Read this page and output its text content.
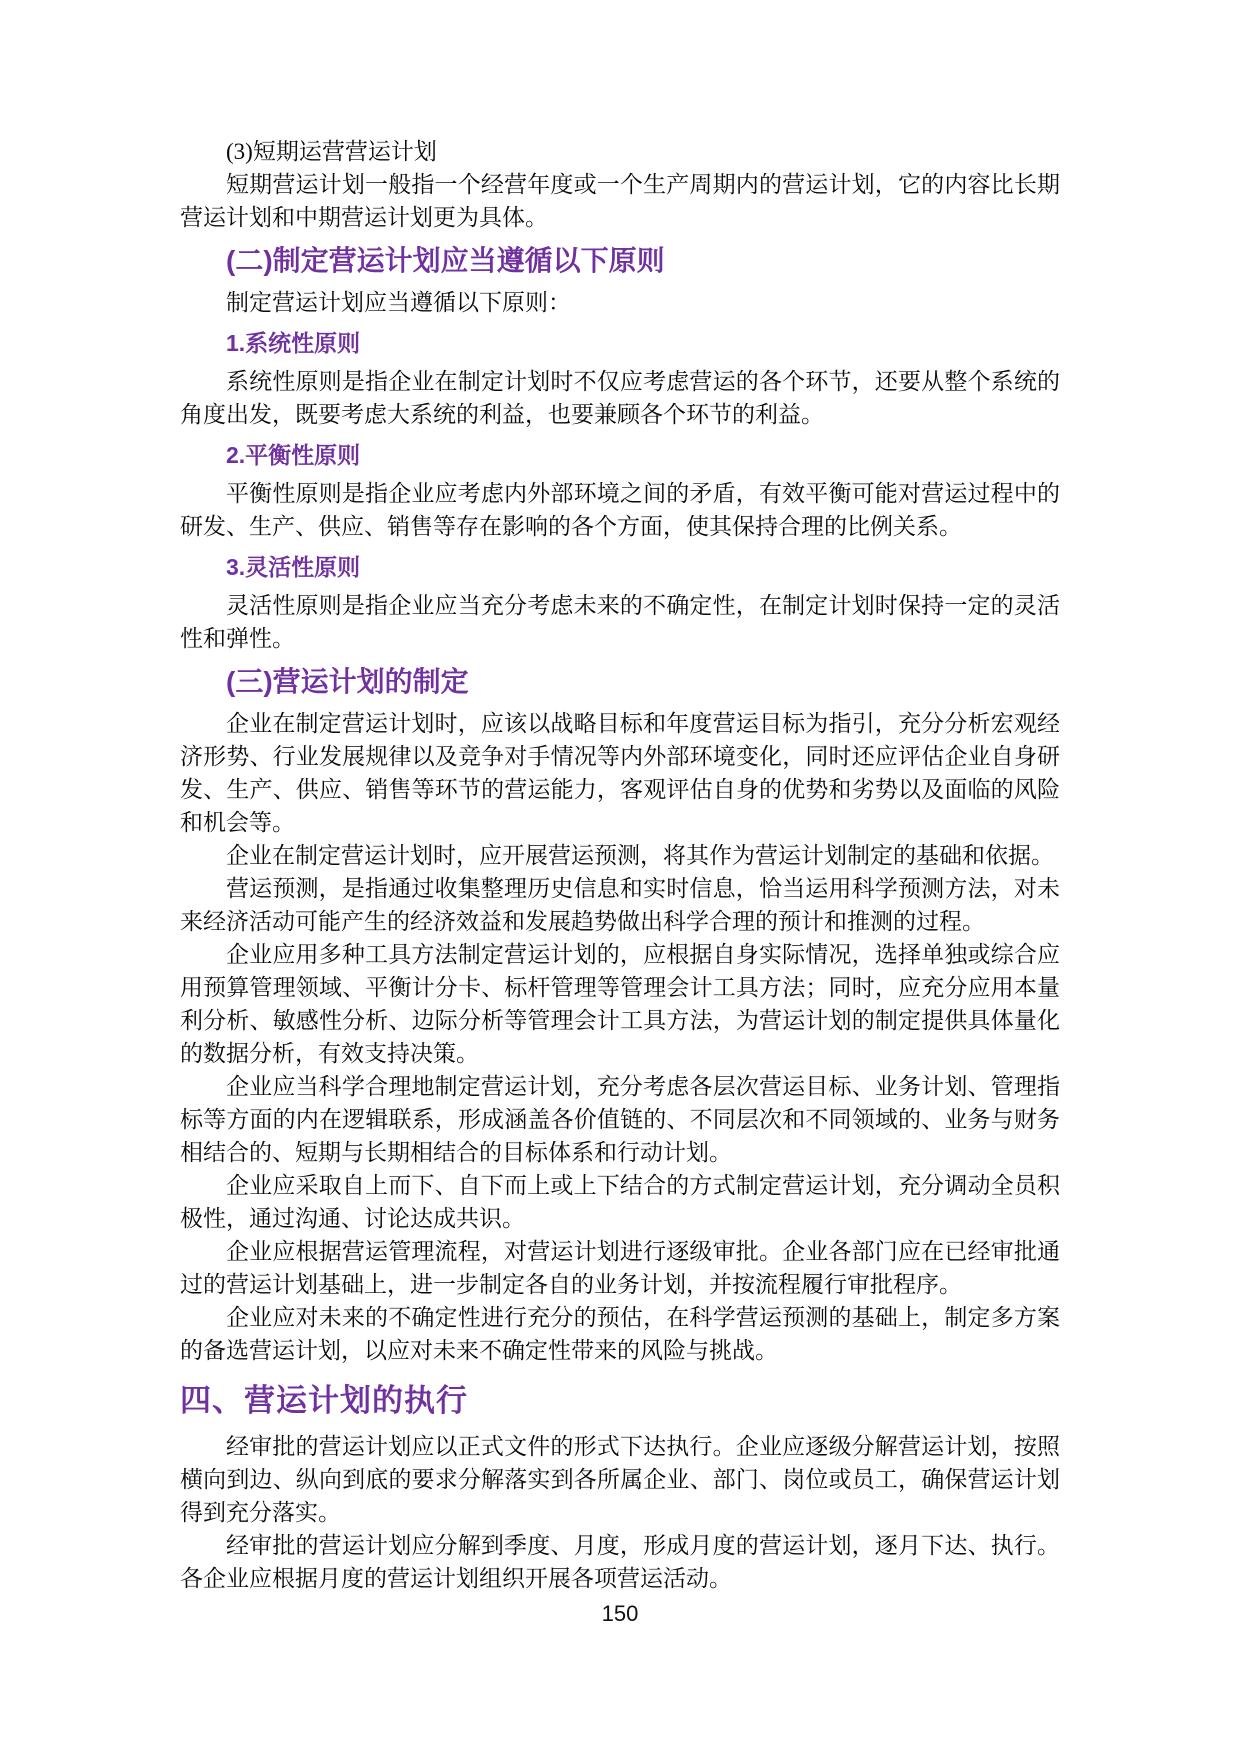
(3)短期运营营运计划

短期营运计划一般指一个经营年度或一个生产周期内的营运计划，它的内容比长期营运计划和中期营运计划更为具体。

(二)制定营运计划应当遵循以下原则

制定营运计划应当遵循以下原则：

1.系统性原则

系统性原则是指企业在制定计划时不仅应考虑营运的各个环节，还要从整个系统的角度出发，既要考虑大系统的利益，也要兼顾各个环节的利益。

2.平衡性原则

平衡性原则是指企业应考虑内外部环境之间的矛盾，有效平衡可能对营运过程中的研发、生产、供应、销售等存在影响的各个方面，使其保持合理的比例关系。

3.灵活性原则

灵活性原则是指企业应当充分考虑未来的不确定性，在制定计划时保持一定的灵活性和弹性。

(三)营运计划的制定

企业在制定营运计划时，应该以战略目标和年度营运目标为指引，充分分析宏观经济形势、行业发展规律以及竞争对手情况等内外部环境变化，同时还应评估企业自身研发、生产、供应、销售等环节的营运能力，客观评估自身的优势和劣势以及面临的风险和机会等。

企业在制定营运计划时，应开展营运预测，将其作为营运计划制定的基础和依据。

营运预测，是指通过收集整理历史信息和实时信息，恰当运用科学预测方法，对未来经济活动可能产生的经济效益和发展趋势做出科学合理的预计和推测的过程。

企业应用多种工具方法制定营运计划的，应根据自身实际情况，选择单独或综合应用预算管理领域、平衡计分卡、标杆管理等管理会计工具方法；同时，应充分应用本量利分析、敏感性分析、边际分析等管理会计工具方法，为营运计划的制定提供具体量化的数据分析，有效支持决策。

企业应当科学合理地制定营运计划，充分考虑各层次营运目标、业务计划、管理指标等方面的内在逻辑联系，形成涵盖各价值链的、不同层次和不同领域的、业务与财务相结合的、短期与长期相结合的目标体系和行动计划。

企业应采取自上而下、自下而上或上下结合的方式制定营运计划，充分调动全员积极性，通过沟通、讨论达成共识。

企业应根据营运管理流程，对营运计划进行逐级审批。企业各部门应在已经审批通过的营运计划基础上，进一步制定各自的业务计划，并按流程履行审批程序。

企业应对未来的不确定性进行充分的预估，在科学营运预测的基础上，制定多方案的备选营运计划，以应对未来不确定性带来的风险与挑战。

四、营运计划的执行

经审批的营运计划应以正式文件的形式下达执行。企业应逐级分解营运计划，按照横向到边、纵向到底的要求分解落实到各所属企业、部门、岗位或员工，确保营运计划得到充分落实。

经审批的营运计划应分解到季度、月度，形成月度的营运计划，逐月下达、执行。各企业应根据月度的营运计划组织开展各项营运活动。

150
